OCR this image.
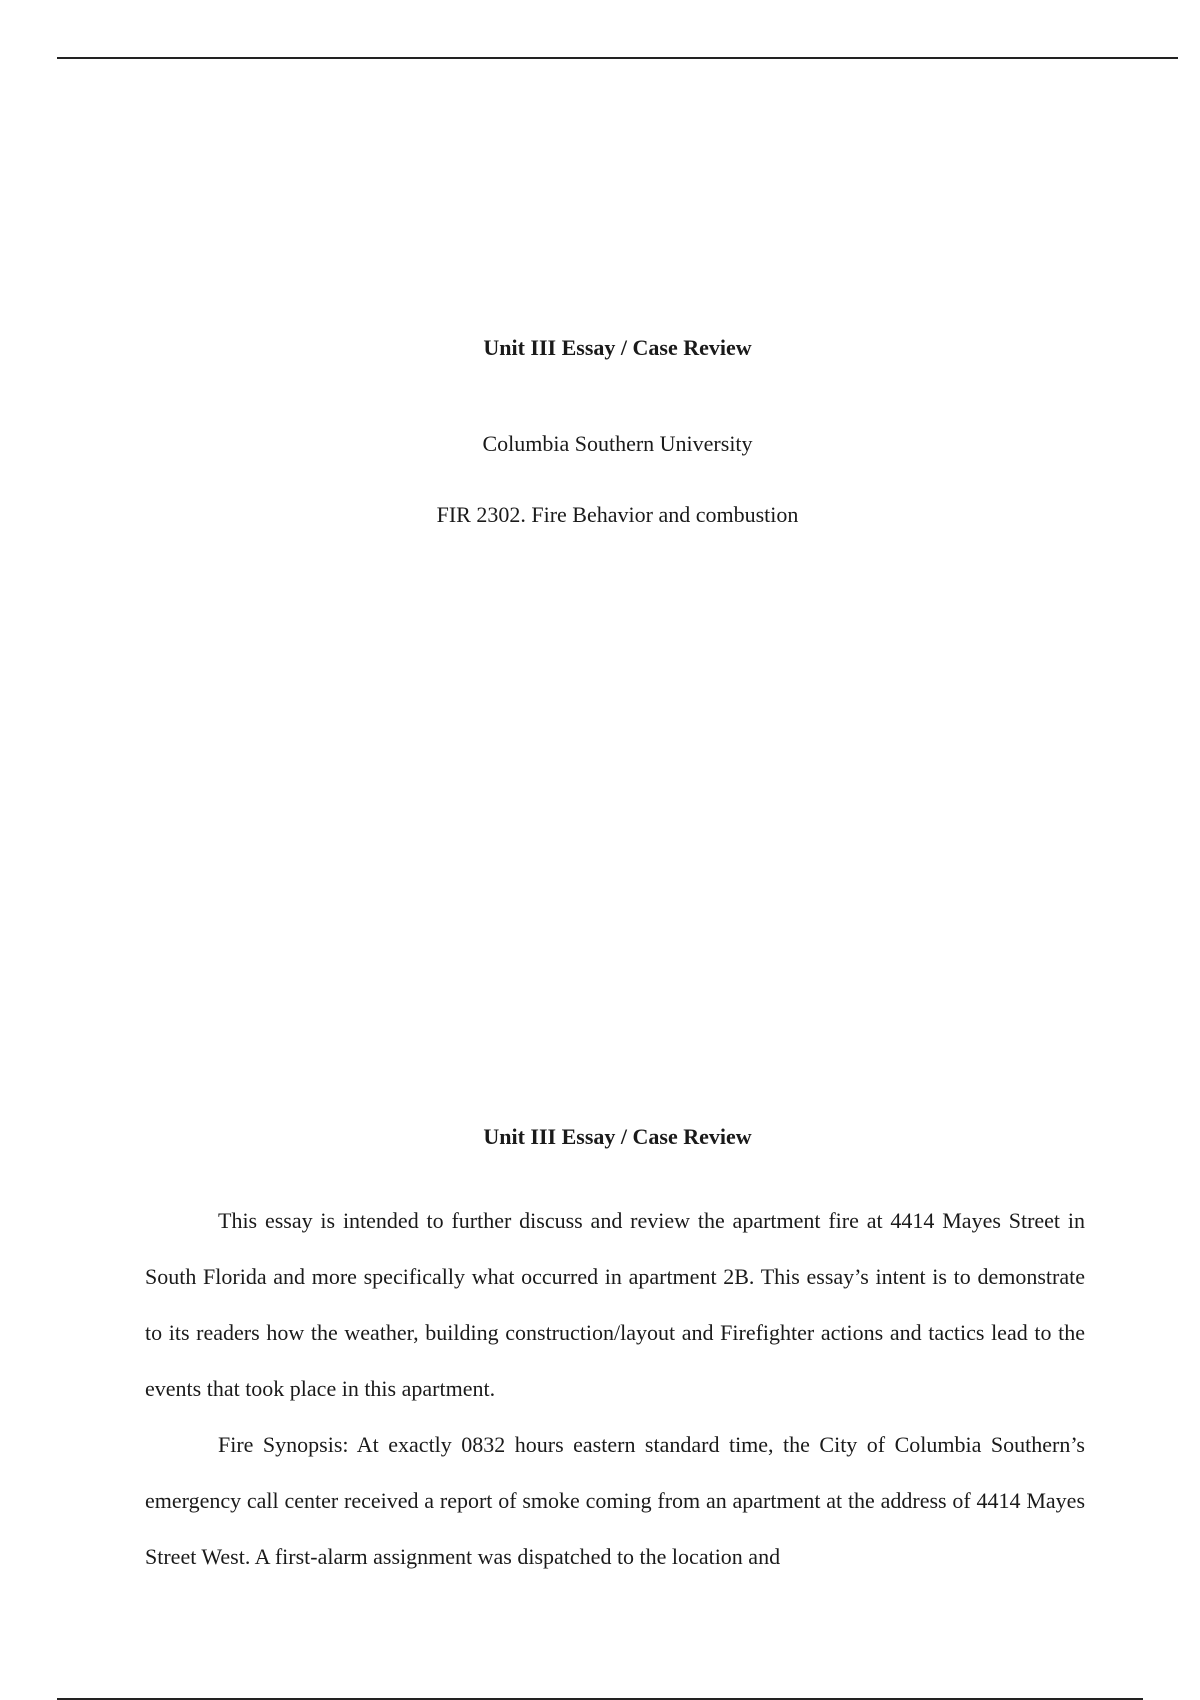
Unit III Essay / Case Review
Columbia Southern University
FIR 2302. Fire Behavior and combustion
Unit III Essay / Case Review

This essay is intended to further discuss and review the apartment fire at 4414 Mayes Street in South Florida and more specifically what occurred in apartment 2B. This essay’s intent is to demonstrate to its readers how the weather, building construction/layout and Firefighter actions and tactics lead to the events that took place in this apartment.

Fire Synopsis: At exactly 0832 hours eastern standard time, the City of Columbia Southern’s emergency call center received a report of smoke coming from an apartment at the address of 4414 Mayes Street West. A first-alarm assignment was dispatched to the location and
